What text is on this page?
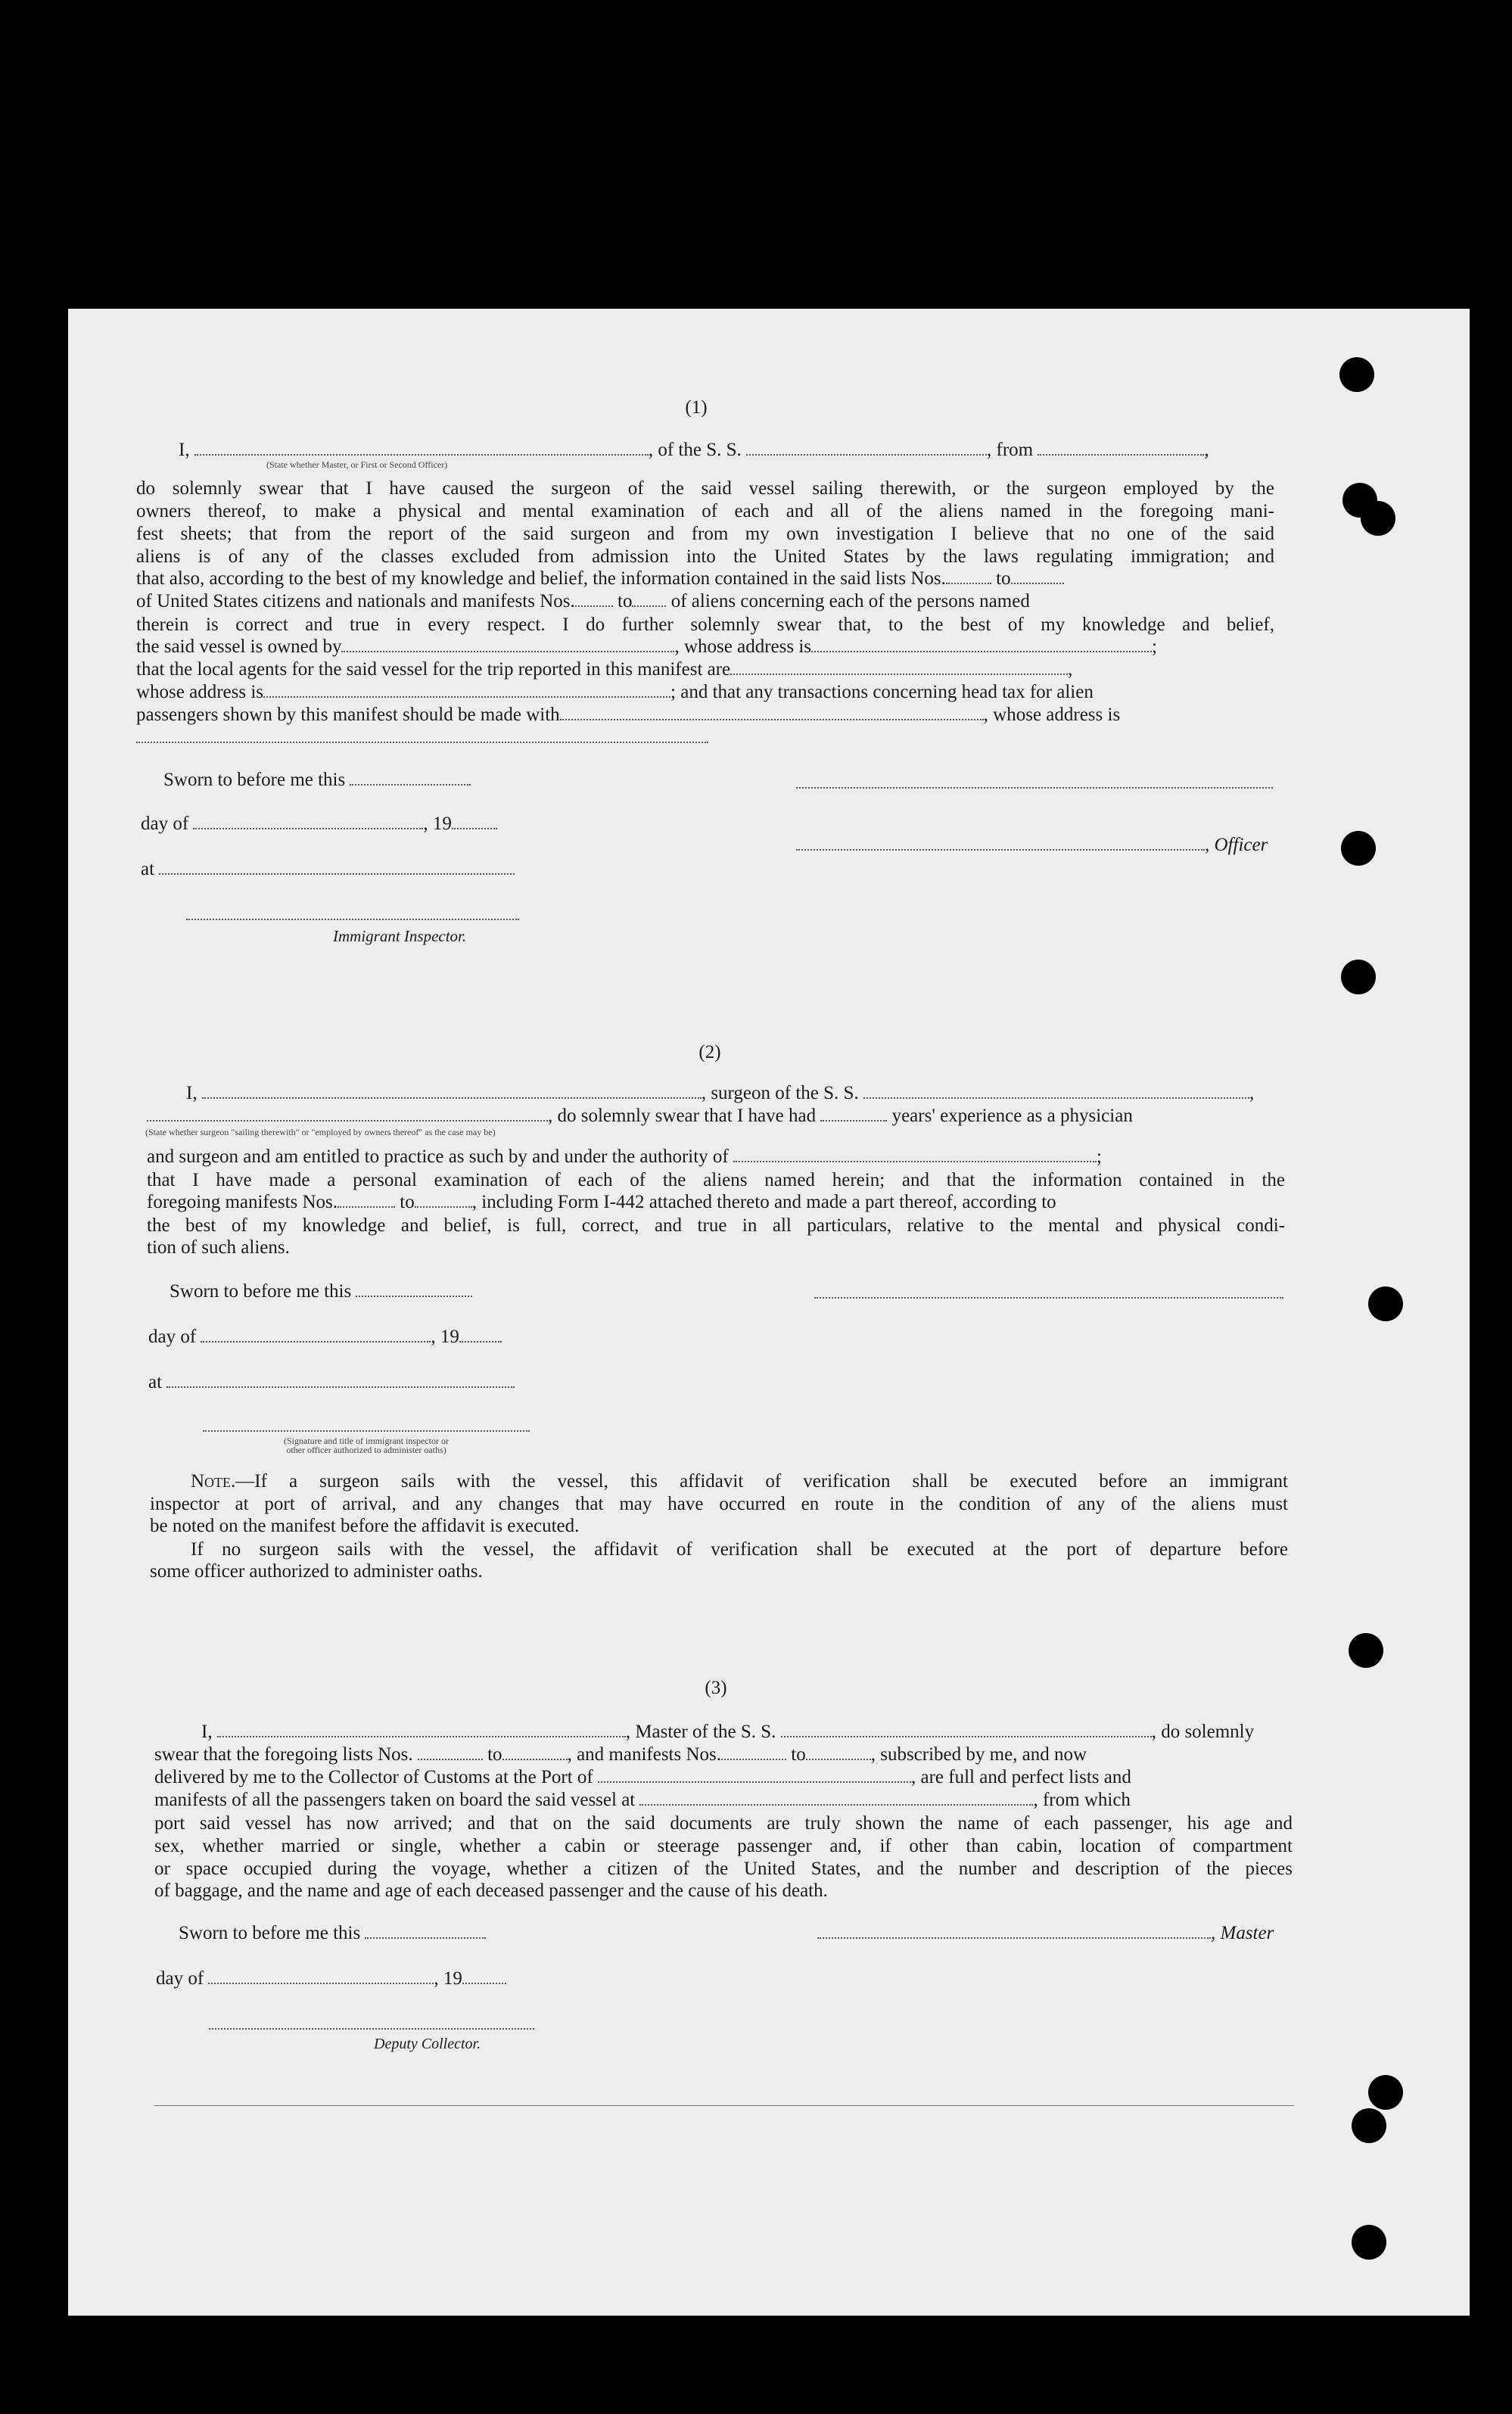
(1)
I,	, of the S. S.	, from	,
(State whether Master, or First or Second Officer)
do solemnly swear that I have caused the surgeon of the said vessel sailing therewith, or the surgeon employed by the
owners thereof, to make a physical and mental examination of each and all of the aliens named in the foregoing mani-
fest sheets; that from the report of the said surgeon and from my own investigation I believe that no one of the said
aliens is of any of the classes excluded from admission into the United States by the laws regulating immigration; and
that also, according to the best of my knowledge and belief, the information contained in the said lists Nos.	to
of United States citizens and nationals and manifests Nos. to of aliens concerning each of the persons named
therein is correct and true in every respect. I do further solemnly swear that, to the best of my knowledge and belief,
the said vessel is owned by	, whose address is	;
that the local agents for the said vessel for the trip reported in this manifest are	,
whose address is	; and that any transactions concerning head tax for alien
passengers shown by this manifest should be made with	, whose address is
Sworn to before me this
day of	, 19
at
Immigrant Inspector.
, Officer
(2)
I,	, surgeon of the S. S.	,
, do solemnly swear that I have had	years' experience as a physician
(State whether surgeon "sailing therewith" or "employed by owners thereof" as the case may be)
and surgeon and am entitled to practice as such by and under the authority of	;
that I have made a personal examination of each of the aliens named herein; and that the information contained in the
foregoing manifests Nos.	to	, including Form I-442 attached thereto and made a part thereof, according to
the best of my knowledge and belief, is full, correct, and true in all particulars, relative to the mental and physical condi-
tion of such aliens.
Sworn to before me this
day of	, 19
at
(Signature and title of immigrant inspector or
other officer authorized to administer oaths)
Note.—If a surgeon sails with the vessel, this affidavit of verification shall be executed before an immigrant
inspector at port of arrival, and any changes that may have occurred en route in the condition of any of the aliens must
be noted on the manifest before the affidavit is executed.
If no surgeon sails with the vessel, the affidavit of verification shall be executed at the port of departure before
some officer authorized to administer oaths.
(3)
I,	, Master of the S. S.	, do solemnly
swear that the foregoing lists Nos.	to	, and manifests Nos.	to	, subscribed by me, and now
delivered by me to the Collector of Customs at the Port of	, are full and perfect lists and
manifests of all the passengers taken on board the said vessel at	, from which
port said vessel has now arrived; and that on the said documents are truly shown the name of each passenger, his age and
sex, whether married or single, whether a cabin or steerage passenger and, if other than cabin, location of compartment
or space occupied during the voyage, whether a citizen of the United States, and the number and description of the pieces
of baggage, and the name and age of each deceased passenger and the cause of his death.
Sworn to before me this	, Master
day of	, 19
Deputy Collector.
